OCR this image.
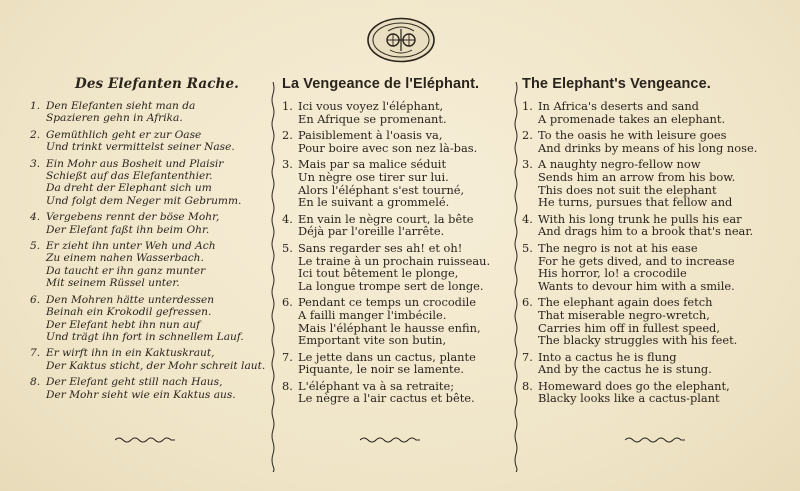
Des Elefanten Rache.
1. Den Elefanten sieht man da
Spazieren gehn in Afrika.
2. Gemüthlich geht er zur Oase
Und trinkt vermittelst seiner Nase.
3. Ein Mohr aus Bosheit und Plaisir
Schießt auf das Elefantenthier.
Da dreht der Elephant sich um
Und folgt dem Neger mit Gebrumm.
4. Vergebens rennt der böse Mohr,
Der Elefant faßt ihn beim Ohr.
5. Er zieht ihn unter Weh und Ach
Zu einem nahen Wasserbach.
Da taucht er ihn ganz munter
Mit seinem Rüssel unter.
6. Den Mohren hätte unterdessen
Beinah ein Krokodil gefressen.
Der Elefant hebt ihn nun auf
Und trägt ihn fort in schnellem Lauf.
7. Er wirft ihn in ein Kaktuskraut,
Der Kaktus sticht, der Mohr schreit laut.
8. Der Elefant geht still nach Haus,
Der Mohr sieht wie ein Kaktus aus.
La Vengeance de l'Eléphant.
1. Ici vous voyez l'éléphant,
En Afrique se promenant.
2. Paisiblement à l'oasis va,
Pour boire avec son nez là-bas.
3. Mais par sa malice séduit
Un nègre ose tirer sur lui.
Alors l'éléphant s'est tourné,
En le suivant a grommelé.
4. En vain le nègre court, la bête
Déjà par l'oreille l'arrête.
5. Sans regarder ses ah! et oh!
Le traine à un prochain ruisseau.
Ici tout bêtement le plonge,
La longue trompe sert de longe.
6. Pendant ce temps un crocodile
A failli manger l'imbécile.
Mais l'éléphant le hausse enfin,
Emportant vite son butin,
7. Le jette dans un cactus, plante
Piquante, le noir se lamente.
8. L'éléphant va à sa retraite;
Le nègre a l'air cactus et bête.
The Elephant's Vengeance.
1. In Africa's deserts and sand
A promenade takes an elephant.
2. To the oasis he with leisure goes
And drinks by means of his long nose.
3. A naughty negro-fellow now
Sends him an arrow from his bow.
This does not suit the elephant
He turns, pursues that fellow and
4. With his long trunk he pulls his ear
And drags him to a brook that's near.
5. The negro is not at his ease
For he gets dived, and to increase
His horror, lo! a crocodile
Wants to devour him with a smile.
6. The elephant again does fetch
That miserable negro-wretch,
Carries him off in fullest speed,
The blacky struggles with his feet.
7. Into a cactus he is flung
And by the cactus he is stung.
8. Homeward does go the elephant,
Blacky looks like a cactus-plant
